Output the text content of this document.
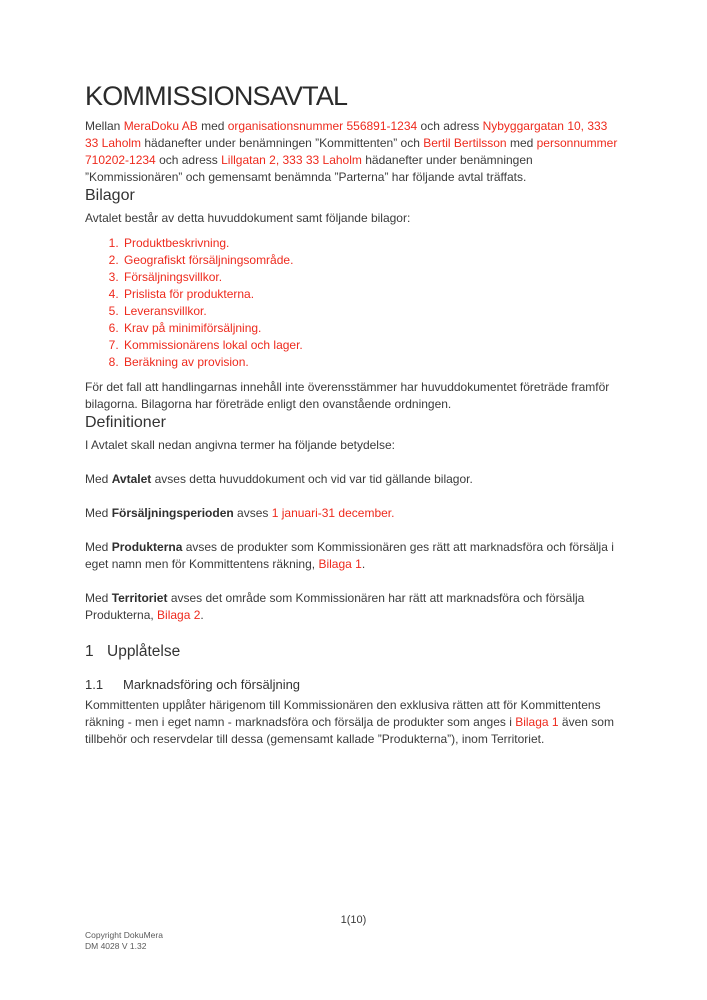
KOMMISSIONSAVTAL

Mellan MeraDoku AB med organisationsnummer 556891-1234 och adress Nybyggargatan 10, 333 33 Laholm hädanefter under benämningen ”Kommittenten” och Bertil Bertilsson med personnummer 710202-1234 och adress Lillgatan 2, 333 33 Laholm hädanefter under benämningen ”Kommissionären” och gemensamt benämnda ”Parterna” har följande avtal träffats.

Bilagor

Avtalet består av detta huvuddokument samt följande bilagor:

1. Produktbeskrivning.
2. Geografiskt försäljningsområde.
3. Försäljningsvillkor.
4. Prislista för produkterna.
5. Leveransvillkor.
6. Krav på minimiförsäljning.
7. Kommissionärens lokal och lager.
8. Beräkning av provision.

För det fall att handlingarnas innehåll inte överensstämmer har huvuddokumentet företräde framför bilagorna. Bilagorna har företräde enligt den ovanstående ordningen.

Definitioner

I Avtalet skall nedan angivna termer ha följande betydelse:

Med Avtalet avses detta huvuddokument och vid var tid gällande bilagor.

Med Försäljningsperioden avses 1 januari-31 december.

Med Produkterna avses de produkter som Kommissionären ges rätt att marknadsföra och försälja i eget namn men för Kommittentens räkning, Bilaga 1.

Med Territoriet avses det område som Kommissionären har rätt att marknadsföra och försälja Produkterna, Bilaga 2.

1 Upplåtelse
1.1	Marknadsföring och försäljning

Kommittenten upplåter härigenom till Kommissionären den exklusiva rätten att för Kommittentens räkning - men i eget namn - marknadsföra och försälja de produkter som anges i Bilaga 1 även som tillbehör och reservdelar till dessa (gemensamt kallade ”Produkterna”), inom Territoriet.

1(10)
Copyright DokuMera
DM 4028 V 1.32
